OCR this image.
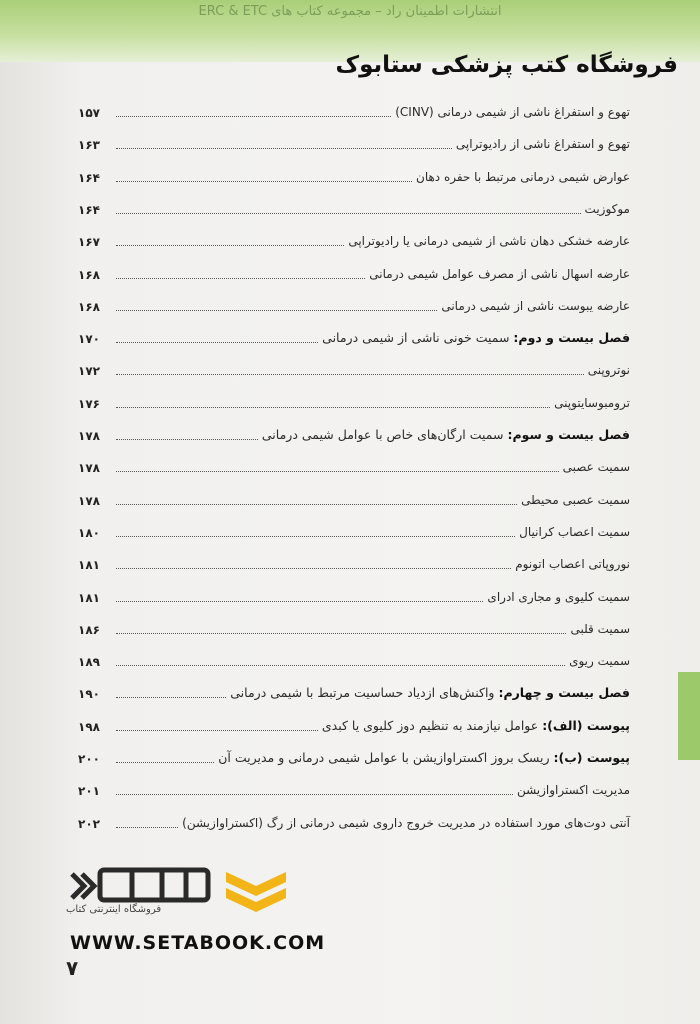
انتشارات اطمینان راد – مجموعه کتاب های ERC & ETC
فروشگاه کتب پزشکی ستابوک
تهوع و استفراغ ناشی از شیمی درمانی (CINV)
۱۵۷
تهوع و استفراغ ناشی از رادیوتراپی
۱۶۳
عوارض شیمی درمانی مرتبط با حفره دهان
۱۶۴
موکوزیت
۱۶۴
عارضه خشکی دهان ناشی از شیمی درمانی یا رادیوتراپی
۱۶۷
عارضه اسهال ناشی از مصرف عوامل شیمی درمانی
۱۶۸
عارضه یبوست ناشی از شیمی درمانی
۱۶۸
فصل بیست و دوم: سمیت خونی ناشی از شیمی درمانی
۱۷۰
نوتروپنی
۱۷۲
ترومبوسایتوپنی
۱۷۶
فصل بیست و سوم: سمیت ارگان‌های خاص با عوامل شیمی درمانی
۱۷۸
سمیت عصبی
۱۷۸
سمیت عصبی محیطی
۱۷۸
سمیت اعصاب کرانیال
۱۸۰
نوروپاتی اعصاب اتونوم
۱۸۱
سمیت کلیوی و مجاری ادرای
۱۸۱
سمیت قلبی
۱۸۶
سمیت ریوی
۱۸۹
فصل بیست و چهارم: واکنش‌های ازدیاد حساسیت مرتبط با شیمی درمانی
۱۹۰
پیوست (الف): عوامل نیازمند به تنظیم دوز کلیوی یا کبدی
۱۹۸
پیوست (ب): ریسک بروز اکستراوازیشن با عوامل شیمی درمانی و مدیریت آن
۲۰۰
مدیریت اکستراوازیشن
۲۰۱
آنتی دوت‌های مورد استفاده در مدیریت خروج داروی شیمی درمانی از رگ (اکستراوازیشن)
۲۰۲
فروشگاه اینترنتی کتاب
WWW.SETABOOK.COM
۷
